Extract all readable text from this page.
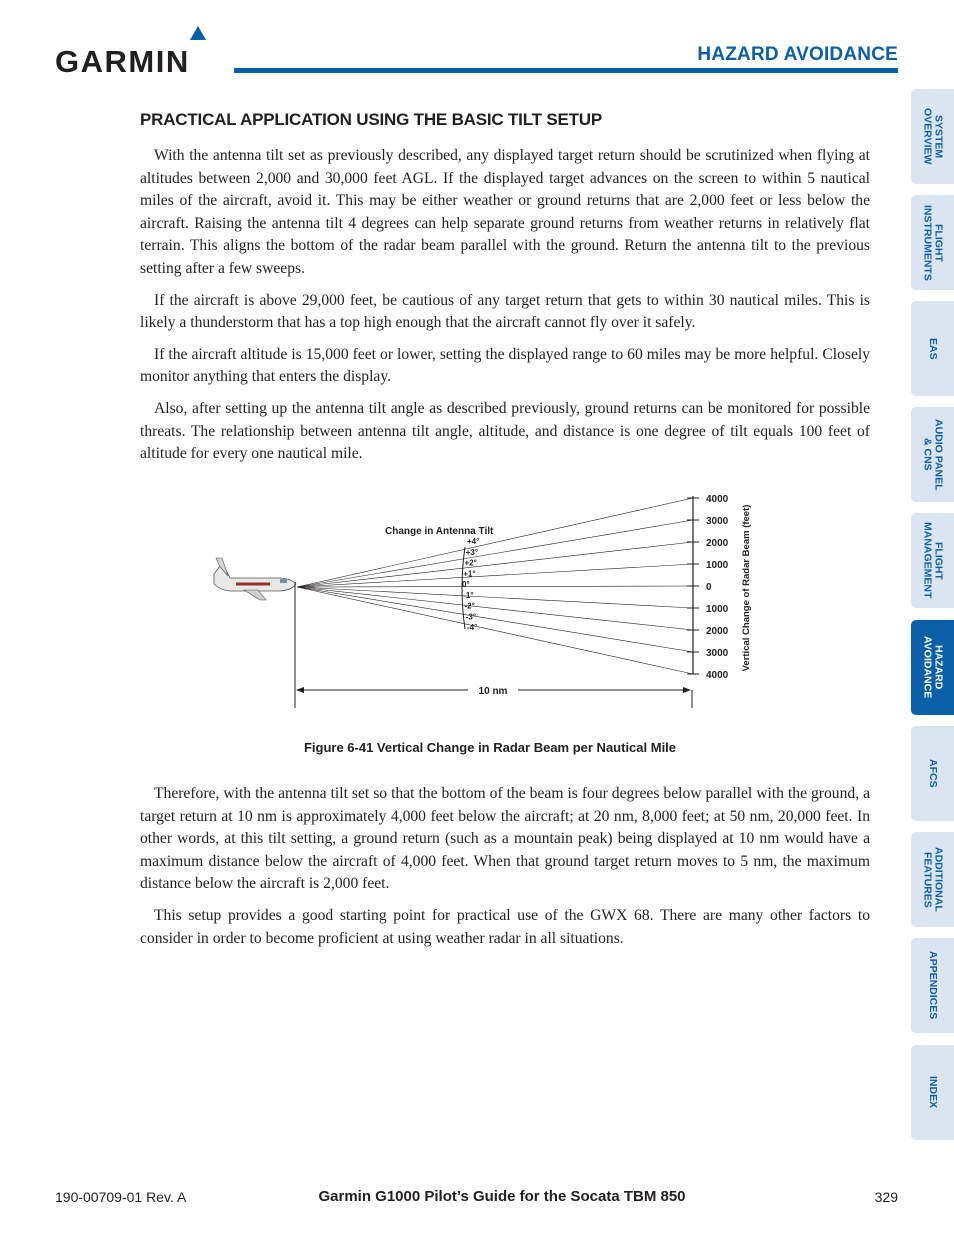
GARMIN	HAZARD AVOIDANCE
PRACTICAL APPLICATION USING THE BASIC TILT SETUP

With the antenna tilt set as previously described, any displayed target return should be scrutinized when flying at altitudes between 2,000 and 30,000 feet AGL. If the displayed target advances on the screen to within 5 nautical miles of the aircraft, avoid it. This may be either weather or ground returns that are 2,000 feet or less below the aircraft. Raising the antenna tilt 4 degrees can help separate ground returns from weather returns in relatively flat terrain. This aligns the bottom of the radar beam parallel with the ground. Return the antenna tilt to the previous setting after a few sweeps.

If the aircraft is above 29,000 feet, be cautious of any target return that gets to within 30 nautical miles. This is likely a thunderstorm that has a top high enough that the aircraft cannot fly over it safely.

If the aircraft altitude is 15,000 feet or lower, setting the displayed range to 60 miles may be more helpful. Closely monitor anything that enters the display.

Also, after setting up the antenna tilt angle as described previously, ground returns can be monitored for possible threats. The relationship between antenna tilt angle, altitude, and distance is one degree of tilt equals 100 feet of altitude for every one nautical mile.

10 nm
4000
3000
2000
1000
0
1000
2000
3000
4000
Change in Antenna Tilt
+4°
+3°
+2°
+1°
0°
-1°
-2°
-3°
-4°	Vertical Change of Radar Beam (feet)
Figure 6-41 Vertical Change in Radar Beam per Nautical Mile

Therefore, with the antenna tilt set so that the bottom of the beam is four degrees below parallel with the ground, a target return at 10 nm is approximately 4,000 feet below the aircraft; at 20 nm, 8,000 feet; at 50 nm, 20,000 feet. In other words, at this tilt setting, a ground return (such as a mountain peak) being displayed at 10 nm would have a maximum distance below the aircraft of 4,000 feet. When that ground target return moves to 5 nm, the maximum distance below the aircraft is 2,000 feet.

This setup provides a good starting point for practical use of the GWX 68. There are many other factors to consider in order to become proficient at using weather radar in all situations.

SYSTEM
OVERVIEW
FLIGHT
INSTRUMENTS
EAS
AUDIO PANEL
& CNS
FLIGHT
MANAGEMENT
HAZARD
AVOIDANCE
AFCS
ADDITIONAL
FEATURES
APPENDICES
INDEX
190-00709-01 Rev. A	Garmin G1000 Pilot’s Guide for the Socata TBM 850	329
